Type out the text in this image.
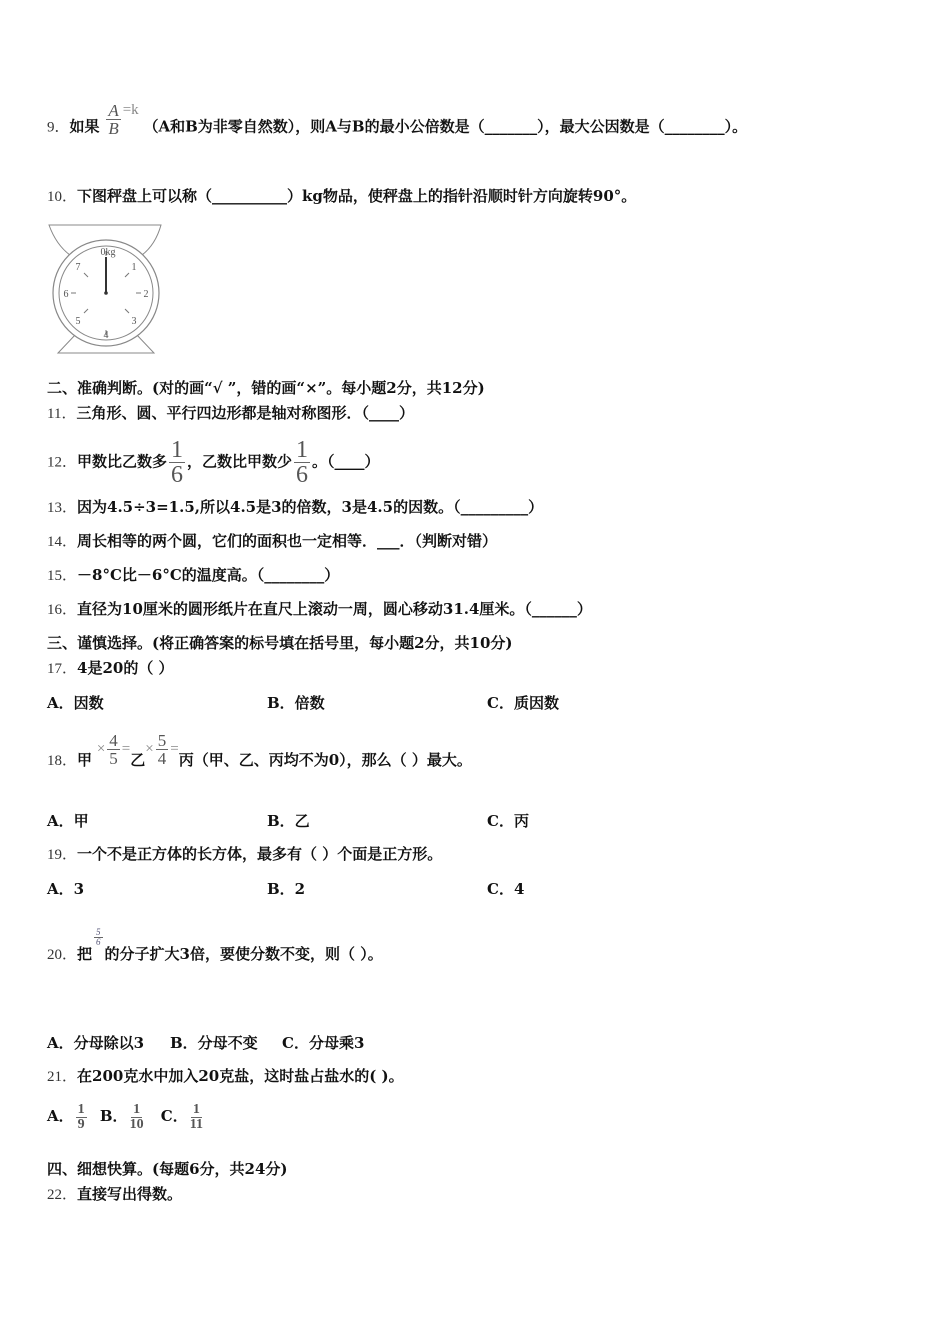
9．如果 $\frac{A}{B} =k$ （A和B为非零自然数），则A与B的最小公倍数是（_______），最大公因数是（________）。
10．下图秤盘上可以称（__________）kg物品，使秤盘上的指针沿顺时针方向旋转90°。
0kg
1
2
3
4
5
6
7
二、准确判断。(对的画“√ ”，错的画“×”。每小题2分，共12分)
11．三角形、圆、平行四边形都是轴对称图形．（____）
12．甲数比乙数多 $\frac{1}{6}$ ，乙数比甲数少 $\frac{1}{6}$ 。（____）
13．因为4.5÷3=1.5,所以4.5是3的倍数，3是4.5的因数。（_________）
14．周长相等的两个圆，它们的面积也一定相等．___．（判断对错）
15．－8°C比－6°C的温度高。（________）
16．直径为10厘米的圆形纸片在直尺上滚动一周，圆心移动31.4厘米。（______）
三、谨慎选择。(将正确答案的标号填在括号里，每小题2分，共10分)
17．4是20的（ ）
A．因数	B．倍数	C．质因数
18．甲 × $\frac{4}{5}$ =乙× $\frac{5}{4}$ =丙（甲、乙、丙均不为0），那么（ ）最大。
A．甲	B．乙	C．丙
19．一个不是正方体的长方体，最多有（ ）个面是正方形。
A．3	B．2	C．4
20．把
$\frac{5}{6}$
的分子扩大3倍，要使分数不变，则（ ）。
A．分母除以3 B．分母不变 C．分母乘3
21．在200克水中加入20克盐，这时盐占盐水的( )。
A． $\frac{1}{9}$ B． $\frac{1}{10}$ C． $\frac{1}{11}$
四、细想快算。(每题6分，共24分)
22．直接写出得数。
